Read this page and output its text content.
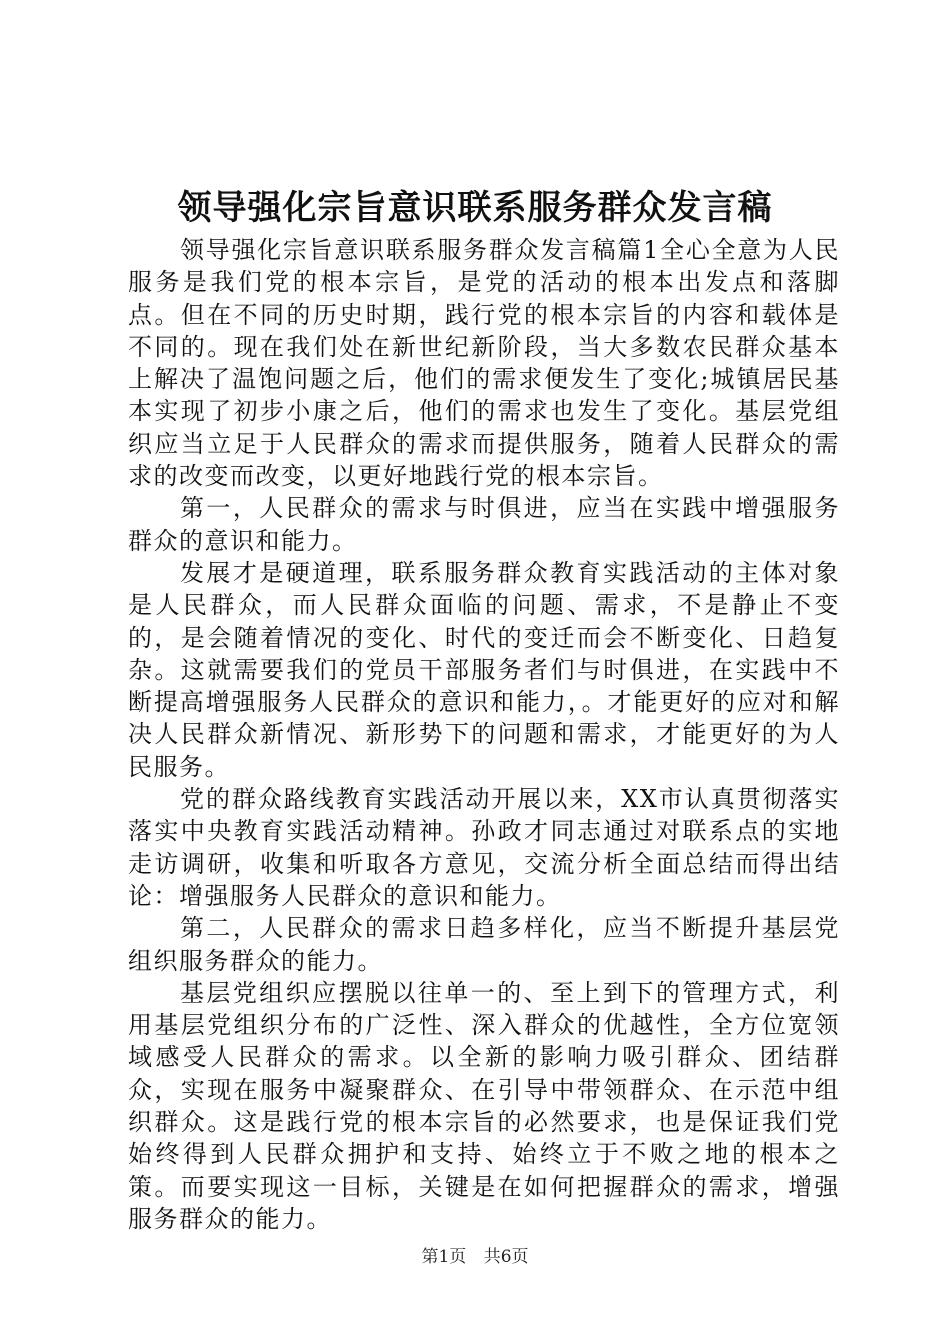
领导强化宗旨意识联系服务群众发言稿

领导强化宗旨意识联系服务群众发言稿篇1全心全意为人民服务是我们党的根本宗旨，是党的活动的根本出发点和落脚点。但在不同的历史时期，践行党的根本宗旨的内容和载体是不同的。现在我们处在新世纪新阶段，当大多数农民群众基本上解决了温饱问题之后，他们的需求便发生了变化;城镇居民基本实现了初步小康之后，他们的需求也发生了变化。基层党组织应当立足于人民群众的需求而提供服务，随着人民群众的需求的改变而改变，以更好地践行党的根本宗旨。

第一，人民群众的需求与时俱进，应当在实践中增强服务群众的意识和能力。

发展才是硬道理，联系服务群众教育实践活动的主体对象是人民群众，而人民群众面临的问题、需求，不是静止不变的，是会随着情况的变化、时代的变迁而会不断变化、日趋复杂。这就需要我们的党员干部服务者们与时俱进，在实践中不断提高增强服务人民群众的意识和能力，。才能更好的应对和解决人民群众新情况、新形势下的问题和需求，才能更好的为人民服务。

党的群众路线教育实践活动开展以来，XX市认真贯彻落实落实中央教育实践活动精神。孙政才同志通过对联系点的实地走访调研，收集和听取各方意见，交流分析全面总结而得出结论：增强服务人民群众的意识和能力。

第二，人民群众的需求日趋多样化，应当不断提升基层党组织服务群众的能力。

基层党组织应摆脱以往单一的、至上到下的管理方式，利用基层党组织分布的广泛性、深入群众的优越性，全方位宽领域感受人民群众的需求。以全新的影响力吸引群众、团结群众，实现在服务中凝聚群众、在引导中带领群众、在示范中组织群众。这是践行党的根本宗旨的必然要求，也是保证我们党始终得到人民群众拥护和支持、始终立于不败之地的根本之策。而要实现这一目标，关键是在如何把握群众的需求，增强服务群众的能力。

第1页 共6页
